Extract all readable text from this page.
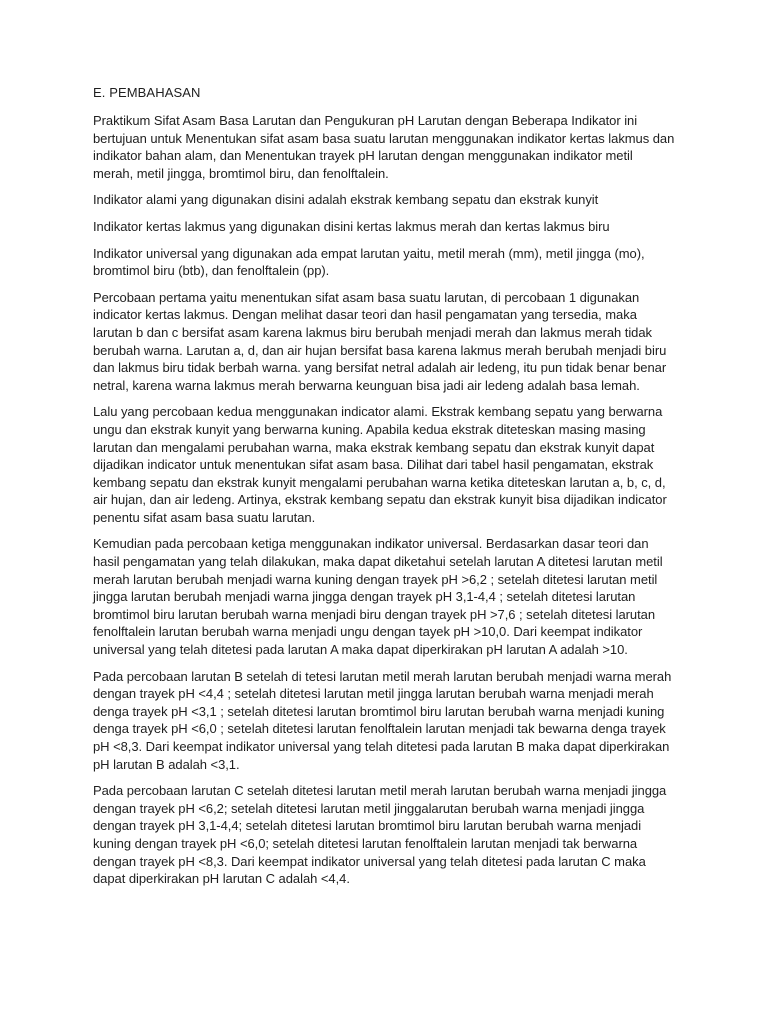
E. PEMBAHASAN

Praktikum Sifat Asam Basa Larutan dan Pengukuran pH Larutan dengan Beberapa Indikator ini bertujuan untuk Menentukan sifat asam basa suatu larutan menggunakan indikator kertas lakmus dan indikator bahan alam, dan Menentukan trayek pH larutan dengan menggunakan indikator metil merah, metil jingga, bromtimol biru, dan fenolftalein.

Indikator alami yang digunakan disini adalah ekstrak kembang sepatu dan ekstrak kunyit

Indikator kertas lakmus yang digunakan disini kertas lakmus merah dan kertas lakmus biru

Indikator universal yang digunakan ada empat larutan yaitu, metil merah (mm), metil jingga (mo), bromtimol biru (btb), dan fenolftalein (pp).

Percobaan pertama yaitu menentukan sifat asam basa suatu larutan, di percobaan 1 digunakan indicator kertas lakmus. Dengan melihat dasar teori dan hasil pengamatan yang tersedia, maka larutan b dan c bersifat asam karena lakmus biru berubah menjadi merah dan lakmus merah tidak berubah warna. Larutan a, d, dan air hujan bersifat basa karena lakmus merah berubah menjadi biru dan lakmus biru tidak berbah warna. yang bersifat netral adalah air ledeng, itu pun tidak benar benar netral, karena warna lakmus merah berwarna keunguan bisa jadi air ledeng adalah basa lemah.

Lalu yang percobaan kedua menggunakan indicator alami. Ekstrak kembang sepatu yang berwarna ungu dan ekstrak kunyit yang berwarna kuning. Apabila kedua ekstrak diteteskan masing masing larutan dan mengalami perubahan warna, maka ekstrak kembang sepatu dan ekstrak kunyit dapat dijadikan indicator untuk menentukan sifat asam basa. Dilihat dari tabel hasil pengamatan, ekstrak kembang sepatu dan ekstrak kunyit mengalami perubahan warna ketika diteteskan larutan a, b, c, d, air hujan, dan air ledeng. Artinya, ekstrak kembang sepatu dan ekstrak kunyit bisa dijadikan indicator penentu sifat asam basa suatu larutan.

Kemudian pada percobaan ketiga menggunakan indikator universal. Berdasarkan dasar teori dan hasil pengamatan yang telah dilakukan, maka dapat diketahui setelah larutan A ditetesi larutan metil merah larutan berubah menjadi warna kuning dengan trayek pH >6,2 ; setelah ditetesi larutan metil jingga larutan berubah menjadi warna jingga dengan trayek pH 3,1-4,4 ; setelah ditetesi larutan bromtimol biru larutan berubah warna menjadi biru dengan trayek pH >7,6 ; setelah ditetesi larutan fenolftalein larutan berubah warna menjadi ungu dengan tayek pH >10,0. Dari keempat indikator universal yang telah ditetesi pada larutan A maka dapat diperkirakan pH larutan A adalah >10.

Pada percobaan larutan B setelah di tetesi larutan metil merah larutan berubah menjadi warna merah dengan trayek pH <4,4 ; setelah ditetesi larutan metil jingga larutan berubah warna menjadi merah denga trayek pH <3,1 ; setelah ditetesi larutan bromtimol biru larutan berubah warna menjadi kuning denga trayek pH <6,0 ; setelah ditetesi larutan fenolftalein larutan menjadi tak bewarna denga trayek pH <8,3. Dari keempat indikator universal yang telah ditetesi pada larutan B maka dapat diperkirakan pH larutan B adalah <3,1.

Pada percobaan larutan C setelah ditetesi larutan metil merah larutan berubah warna menjadi jingga dengan trayek pH <6,2; setelah ditetesi larutan metil jinggalarutan berubah warna menjadi jingga dengan trayek pH 3,1-4,4; setelah ditetesi larutan bromtimol biru larutan berubah warna menjadi kuning dengan trayek pH <6,0; setelah ditetesi larutan fenolftalein larutan menjadi tak berwarna dengan trayek pH <8,3. Dari keempat indikator universal yang telah ditetesi pada larutan C maka dapat diperkirakan pH larutan C adalah <4,4.
